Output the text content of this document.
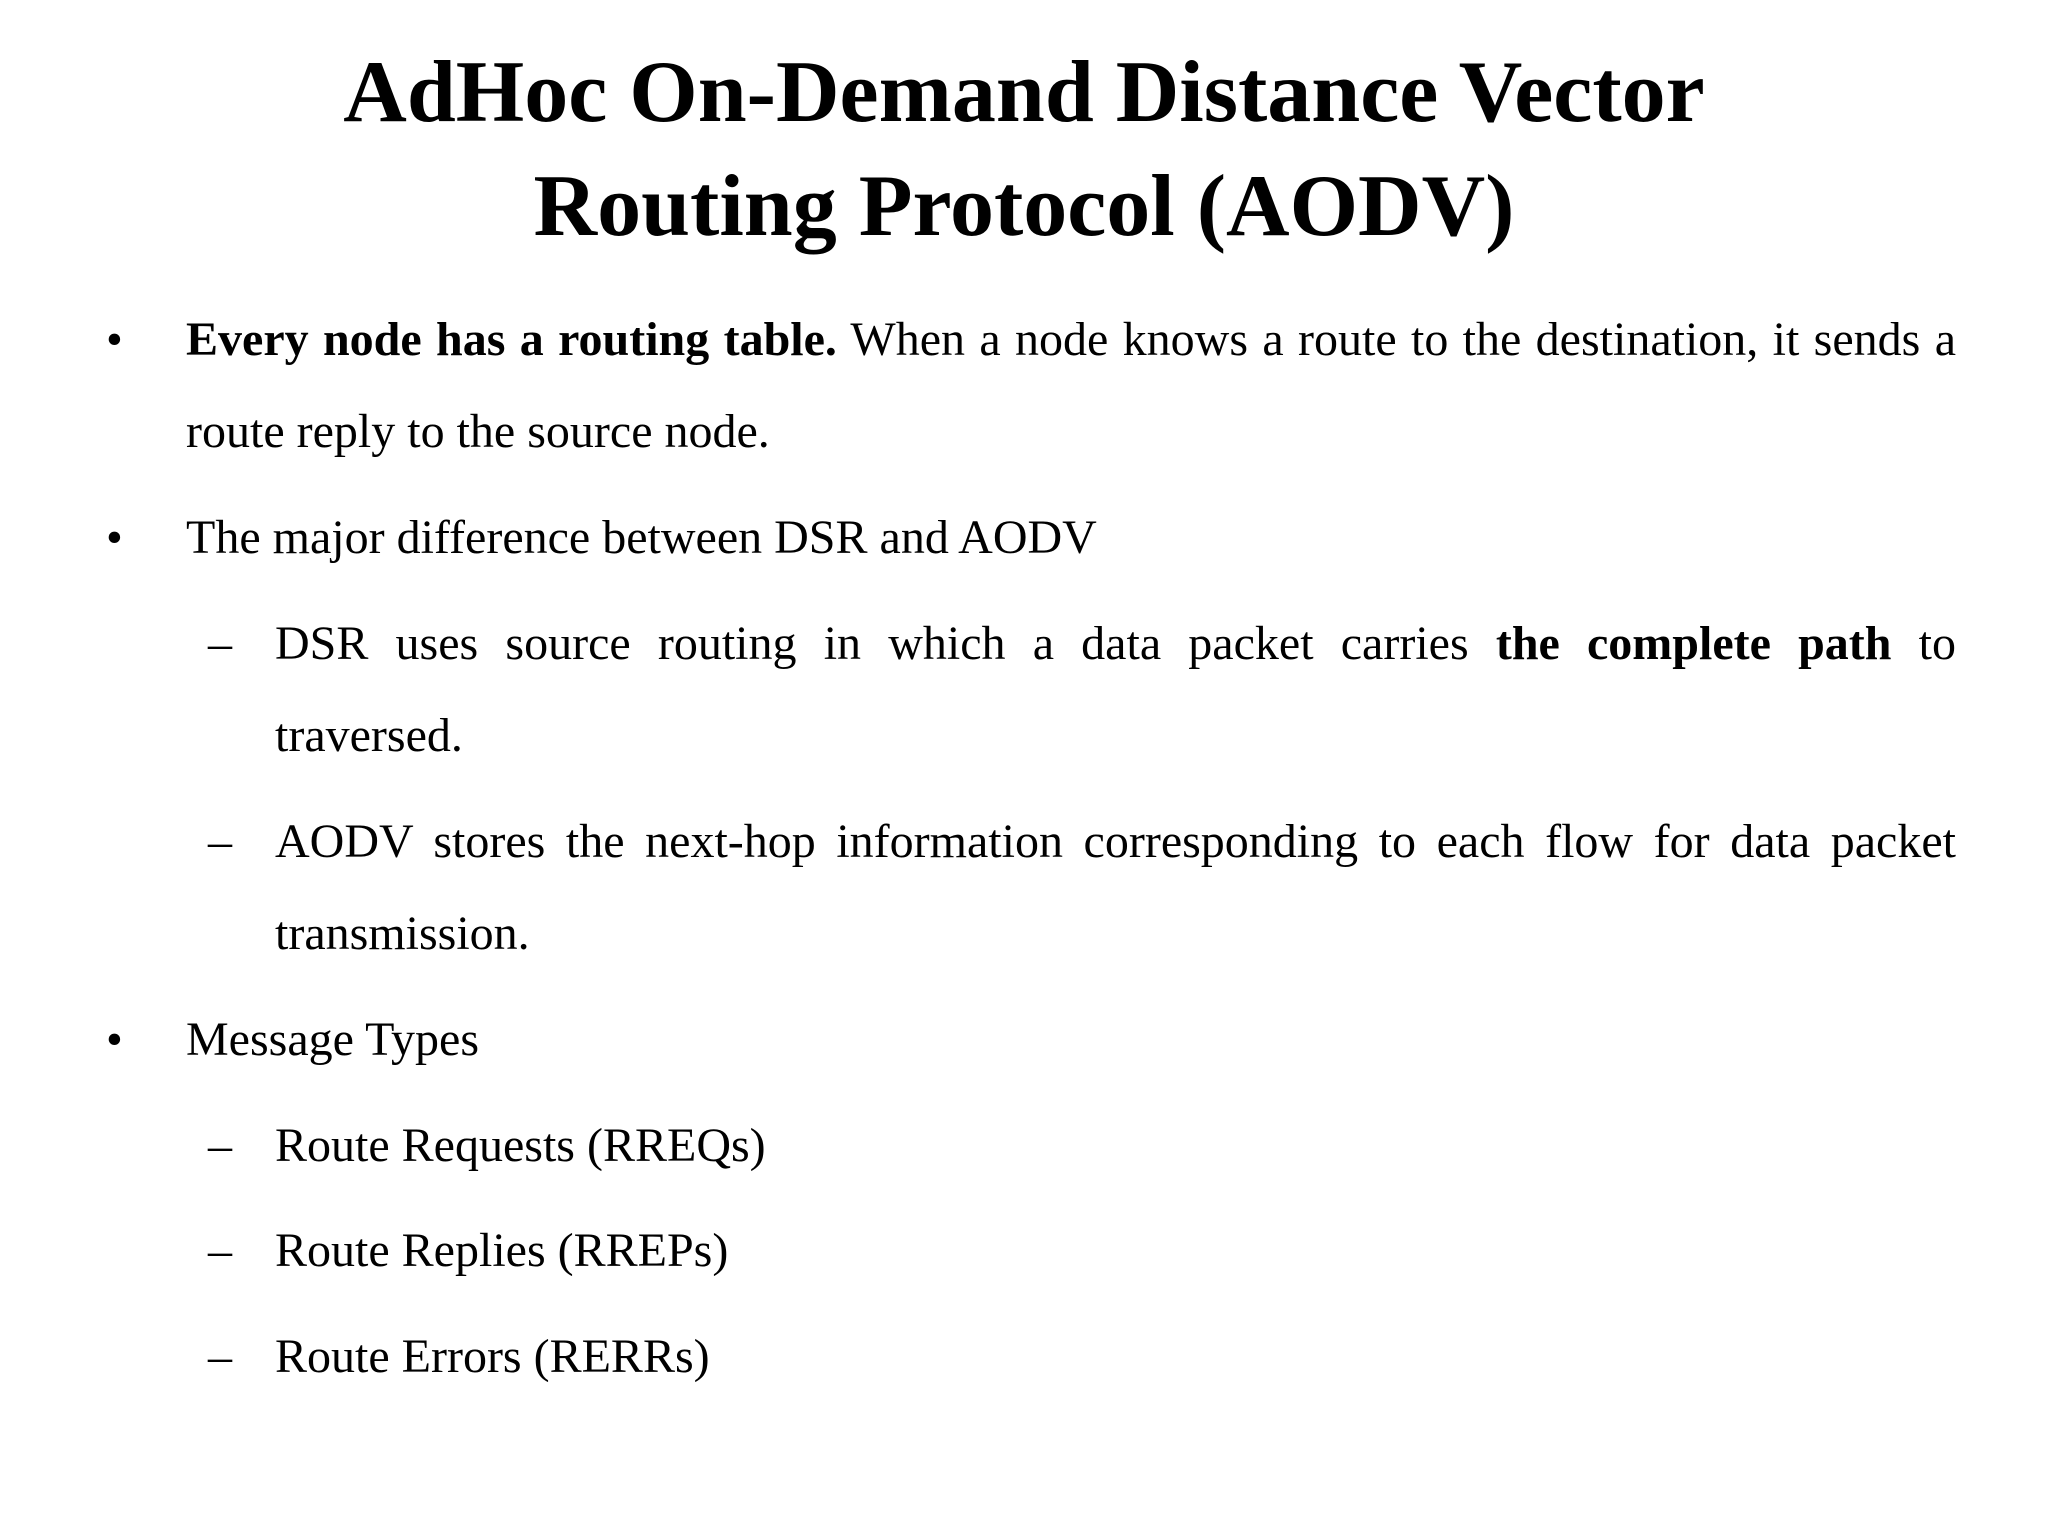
AdHoc On-Demand Distance Vector
Routing Protocol (AODV)
• Every node has a routing table. When a node knows a route to the destination, it sends a route reply to the source node.
• The major difference between DSR and AODV
– DSR uses source routing in which a data packet carries the complete path to traversed.
– AODV stores the next-hop information corresponding to each flow for data packet transmission.
• Message Types
– Route Requests (RREQs)
– Route Replies (RREPs)
– Route Errors (RERRs)
